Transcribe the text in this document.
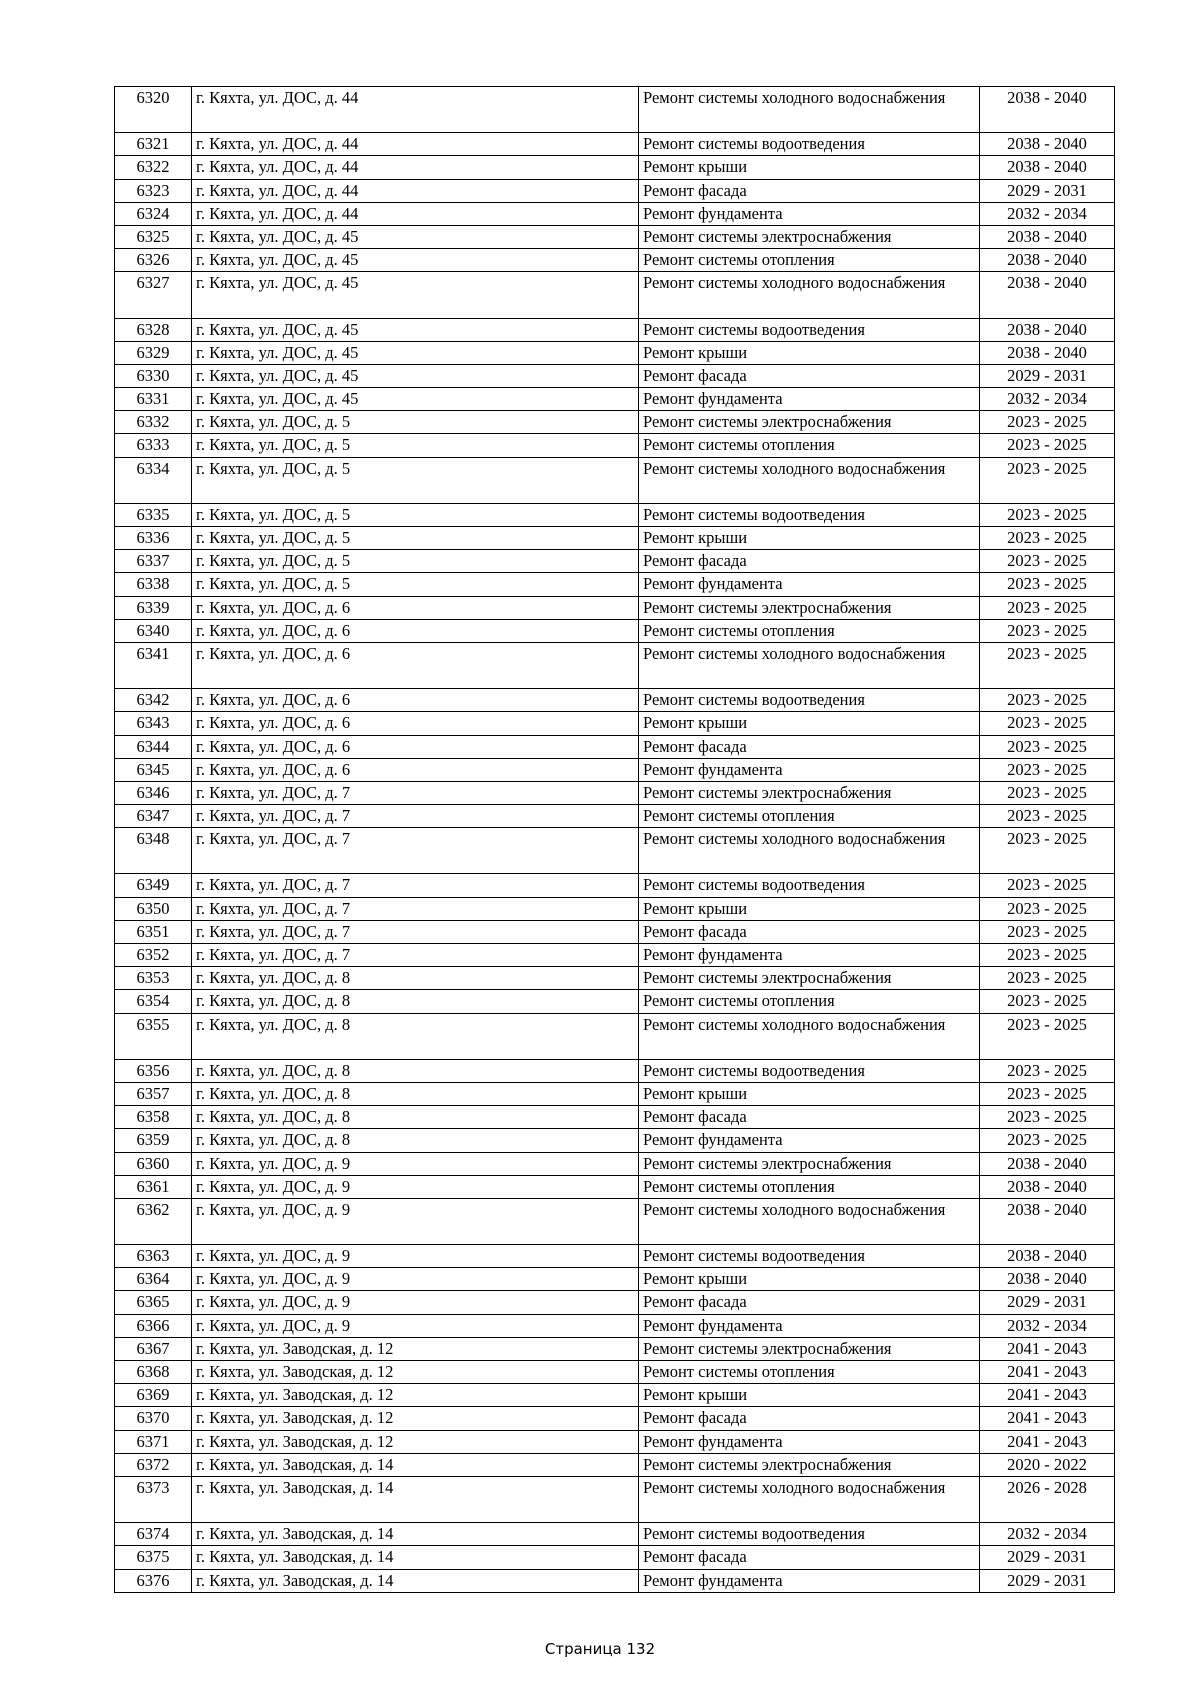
6320	г. Кяхта, ул. ДОС, д. 44	Ремонт системы холодного водоснабжения	2038 - 2040
6321	г. Кяхта, ул. ДОС, д. 44	Ремонт системы водоотведения	2038 - 2040
6322	г. Кяхта, ул. ДОС, д. 44	Ремонт крыши	2038 - 2040
6323	г. Кяхта, ул. ДОС, д. 44	Ремонт фасада	2029 - 2031
6324	г. Кяхта, ул. ДОС, д. 44	Ремонт фундамента	2032 - 2034
6325	г. Кяхта, ул. ДОС, д. 45	Ремонт системы электроснабжения	2038 - 2040
6326	г. Кяхта, ул. ДОС, д. 45	Ремонт системы отопления	2038 - 2040
6327	г. Кяхта, ул. ДОС, д. 45	Ремонт системы холодного водоснабжения	2038 - 2040
6328	г. Кяхта, ул. ДОС, д. 45	Ремонт системы водоотведения	2038 - 2040
6329	г. Кяхта, ул. ДОС, д. 45	Ремонт крыши	2038 - 2040
6330	г. Кяхта, ул. ДОС, д. 45	Ремонт фасада	2029 - 2031
6331	г. Кяхта, ул. ДОС, д. 45	Ремонт фундамента	2032 - 2034
6332	г. Кяхта, ул. ДОС, д. 5	Ремонт системы электроснабжения	2023 - 2025
6333	г. Кяхта, ул. ДОС, д. 5	Ремонт системы отопления	2023 - 2025
6334	г. Кяхта, ул. ДОС, д. 5	Ремонт системы холодного водоснабжения	2023 - 2025
6335	г. Кяхта, ул. ДОС, д. 5	Ремонт системы водоотведения	2023 - 2025
6336	г. Кяхта, ул. ДОС, д. 5	Ремонт крыши	2023 - 2025
6337	г. Кяхта, ул. ДОС, д. 5	Ремонт фасада	2023 - 2025
6338	г. Кяхта, ул. ДОС, д. 5	Ремонт фундамента	2023 - 2025
6339	г. Кяхта, ул. ДОС, д. 6	Ремонт системы электроснабжения	2023 - 2025
6340	г. Кяхта, ул. ДОС, д. 6	Ремонт системы отопления	2023 - 2025
6341	г. Кяхта, ул. ДОС, д. 6	Ремонт системы холодного водоснабжения	2023 - 2025
6342	г. Кяхта, ул. ДОС, д. 6	Ремонт системы водоотведения	2023 - 2025
6343	г. Кяхта, ул. ДОС, д. 6	Ремонт крыши	2023 - 2025
6344	г. Кяхта, ул. ДОС, д. 6	Ремонт фасада	2023 - 2025
6345	г. Кяхта, ул. ДОС, д. 6	Ремонт фундамента	2023 - 2025
6346	г. Кяхта, ул. ДОС, д. 7	Ремонт системы электроснабжения	2023 - 2025
6347	г. Кяхта, ул. ДОС, д. 7	Ремонт системы отопления	2023 - 2025
6348	г. Кяхта, ул. ДОС, д. 7	Ремонт системы холодного водоснабжения	2023 - 2025
6349	г. Кяхта, ул. ДОС, д. 7	Ремонт системы водоотведения	2023 - 2025
6350	г. Кяхта, ул. ДОС, д. 7	Ремонт крыши	2023 - 2025
6351	г. Кяхта, ул. ДОС, д. 7	Ремонт фасада	2023 - 2025
6352	г. Кяхта, ул. ДОС, д. 7	Ремонт фундамента	2023 - 2025
6353	г. Кяхта, ул. ДОС, д. 8	Ремонт системы электроснабжения	2023 - 2025
6354	г. Кяхта, ул. ДОС, д. 8	Ремонт системы отопления	2023 - 2025
6355	г. Кяхта, ул. ДОС, д. 8	Ремонт системы холодного водоснабжения	2023 - 2025
6356	г. Кяхта, ул. ДОС, д. 8	Ремонт системы водоотведения	2023 - 2025
6357	г. Кяхта, ул. ДОС, д. 8	Ремонт крыши	2023 - 2025
6358	г. Кяхта, ул. ДОС, д. 8	Ремонт фасада	2023 - 2025
6359	г. Кяхта, ул. ДОС, д. 8	Ремонт фундамента	2023 - 2025
6360	г. Кяхта, ул. ДОС, д. 9	Ремонт системы электроснабжения	2038 - 2040
6361	г. Кяхта, ул. ДОС, д. 9	Ремонт системы отопления	2038 - 2040
6362	г. Кяхта, ул. ДОС, д. 9	Ремонт системы холодного водоснабжения	2038 - 2040
6363	г. Кяхта, ул. ДОС, д. 9	Ремонт системы водоотведения	2038 - 2040
6364	г. Кяхта, ул. ДОС, д. 9	Ремонт крыши	2038 - 2040
6365	г. Кяхта, ул. ДОС, д. 9	Ремонт фасада	2029 - 2031
6366	г. Кяхта, ул. ДОС, д. 9	Ремонт фундамента	2032 - 2034
6367	г. Кяхта, ул. Заводская, д. 12	Ремонт системы электроснабжения	2041 - 2043
6368	г. Кяхта, ул. Заводская, д. 12	Ремонт системы отопления	2041 - 2043
6369	г. Кяхта, ул. Заводская, д. 12	Ремонт крыши	2041 - 2043
6370	г. Кяхта, ул. Заводская, д. 12	Ремонт фасада	2041 - 2043
6371	г. Кяхта, ул. Заводская, д. 12	Ремонт фундамента	2041 - 2043
6372	г. Кяхта, ул. Заводская, д. 14	Ремонт системы электроснабжения	2020 - 2022
6373	г. Кяхта, ул. Заводская, д. 14	Ремонт системы холодного водоснабжения	2026 - 2028
6374	г. Кяхта, ул. Заводская, д. 14	Ремонт системы водоотведения	2032 - 2034
6375	г. Кяхта, ул. Заводская, д. 14	Ремонт фасада	2029 - 2031
6376	г. Кяхта, ул. Заводская, д. 14	Ремонт фундамента	2029 - 2031
Страница 132
